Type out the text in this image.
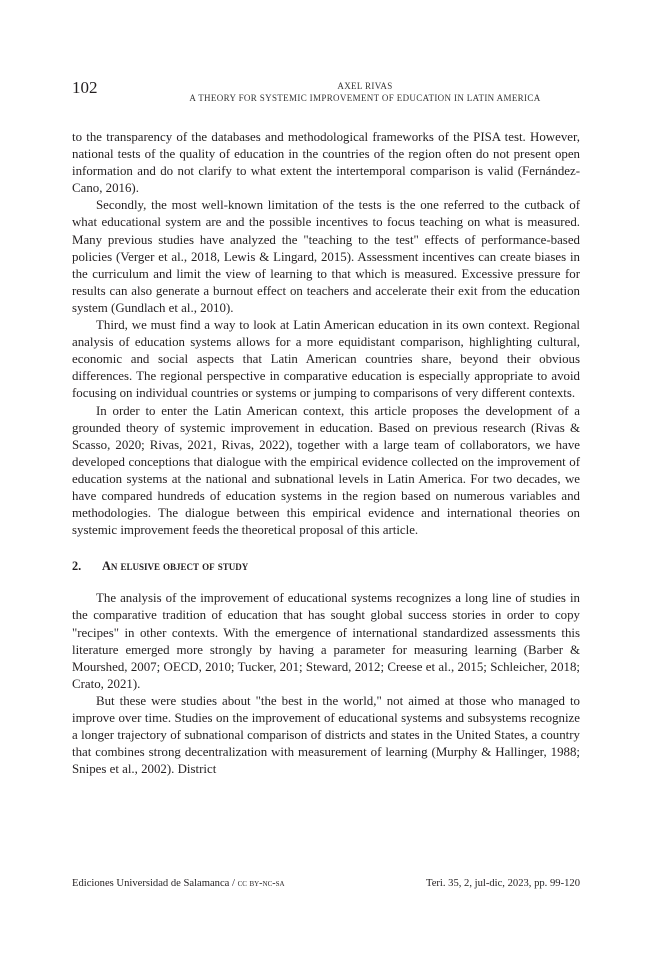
102	AXEL RIVAS
A THEORY FOR SYSTEMIC IMPROVEMENT OF EDUCATION IN LATIN AMERICA

to the transparency of the databases and methodological frameworks of the PISA test. However, national tests of the quality of education in the countries of the region often do not present open information and do not clarify to what extent the intertemporal comparison is valid (Fernández-Cano, 2016).

Secondly, the most well-known limitation of the tests is the one referred to the cutback of what educational system are and the possible incentives to focus teaching on what is measured. Many previous studies have analyzed the "teaching to the test" effects of performance-based policies (Verger et al., 2018, Lewis & Lingard, 2015). Assessment incentives can create biases in the curriculum and limit the view of learning to that which is measured. Excessive pressure for results can also generate a burnout effect on teachers and accelerate their exit from the education system (Gundlach et al., 2010).

Third, we must find a way to look at Latin American education in its own context. Regional analysis of education systems allows for a more equidistant comparison, highlighting cultural, economic and social aspects that Latin American countries share, beyond their obvious differences. The regional perspective in comparative education is especially appropriate to avoid focusing on individual countries or systems or jumping to comparisons of very different contexts.

In order to enter the Latin American context, this article proposes the development of a grounded theory of systemic improvement in education. Based on previous research (Rivas & Scasso, 2020; Rivas, 2021, Rivas, 2022), together with a large team of collaborators, we have developed conceptions that dialogue with the empirical evidence collected on the improvement of education systems at the national and subnational levels in Latin America. For two decades, we have compared hundreds of education systems in the region based on numerous variables and methodologies. The dialogue between this empirical evidence and international theories on systemic improvement feeds the theoretical proposal of this article.

2. An elusive object of study

The analysis of the improvement of educational systems recognizes a long line of studies in the comparative tradition of education that has sought global success stories in order to copy "recipes" in other contexts. With the emergence of international standardized assessments this literature emerged more strongly by having a parameter for measuring learning (Barber & Mourshed, 2007; OECD, 2010; Tucker, 201; Steward, 2012; Creese et al., 2015; Schleicher, 2018; Crato, 2021).

But these were studies about "the best in the world," not aimed at those who managed to improve over time. Studies on the improvement of educational systems and subsystems recognize a longer trajectory of subnational comparison of districts and states in the United States, a country that combines strong decentralization with measurement of learning (Murphy & Hallinger, 1988; Snipes et al., 2002). District

Ediciones Universidad de Salamanca / cc by-nc-sa	Teri. 35, 2, jul-dic, 2023, pp. 99-120
